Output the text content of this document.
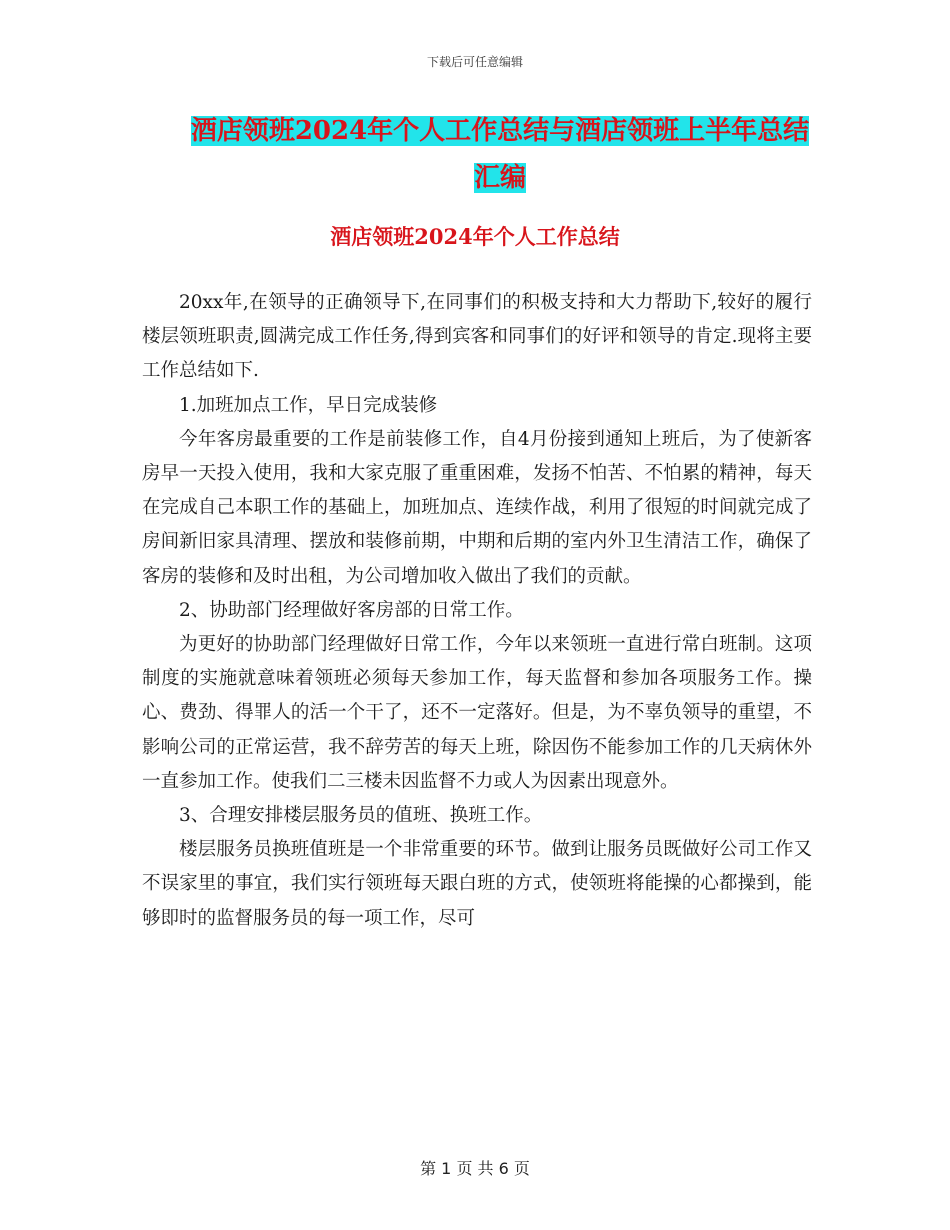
下载后可任意编辑
酒店领班2024年个人工作总结与酒店领班上半年总结
汇编
酒店领班2024年个人工作总结

20xx年,在领导的正确领导下,在同事们的积极支持和大力帮助下,较好的履行楼层领班职责,圆满完成工作任务,得到宾客和同事们的好评和领导的肯定.现将主要工作总结如下.

1.加班加点工作，早日完成装修

今年客房最重要的工作是前装修工作，自4月份接到通知上班后，为了使新客房早一天投入使用，我和大家克服了重重困难，发扬不怕苦、不怕累的精神，每天在完成自己本职工作的基础上，加班加点、连续作战，利用了很短的时间就完成了房间新旧家具清理、摆放和装修前期，中期和后期的室内外卫生清洁工作，确保了客房的装修和及时出租，为公司增加收入做出了我们的贡献。

2、协助部门经理做好客房部的日常工作。

为更好的协助部门经理做好日常工作，今年以来领班一直进行常白班制。这项制度的实施就意味着领班必须每天参加工作，每天监督和参加各项服务工作。操心、费劲、得罪人的活一个干了，还不一定落好。但是，为不辜负领导的重望，不影响公司的正常运营，我不辞劳苦的每天上班，除因伤不能参加工作的几天病休外一直参加工作。使我们二三楼未因监督不力或人为因素出现意外。

3、合理安排楼层服务员的值班、换班工作。

楼层服务员换班值班是一个非常重要的环节。做到让服务员既做好公司工作又不误家里的事宜，我们实行领班每天跟白班的方式，使领班将能操的心都操到，能够即时的监督服务员的每一项工作，尽可

第 1 页 共 6 页
